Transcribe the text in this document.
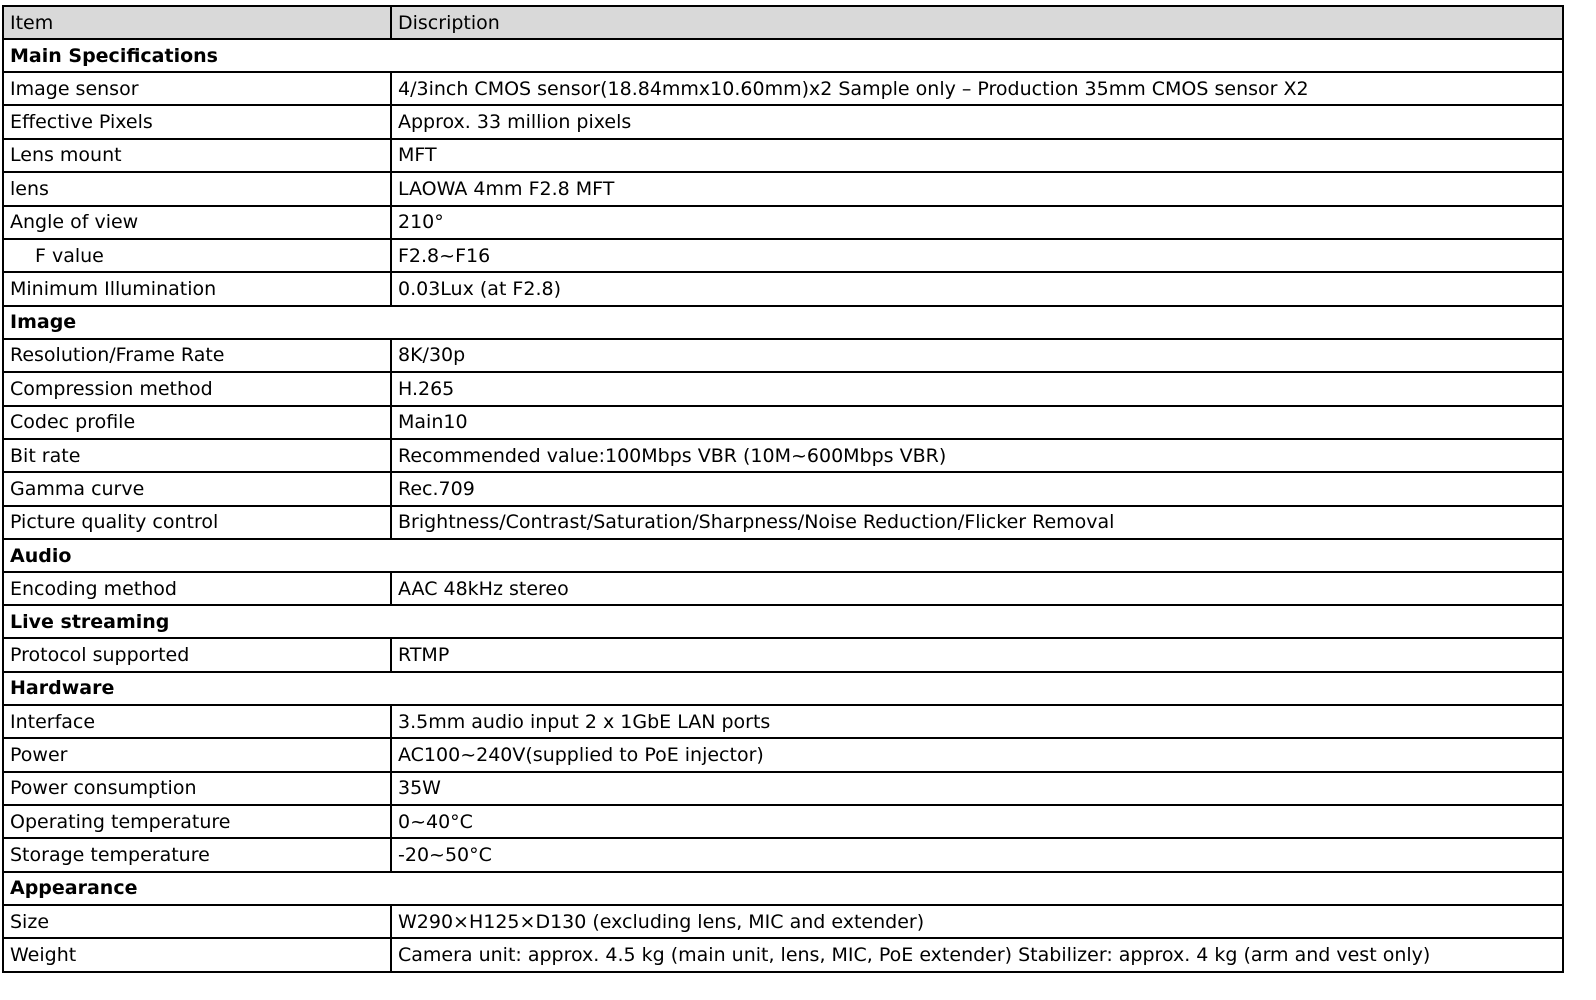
Item	Discription
Main Specifications	
Image sensor	4/3inch CMOS sensor(18.84mmx10.60mm)x2 Sample only – Production 35mm CMOS sensor X2
Effective Pixels	Approx. 33 million pixels
Lens mount	MFT
lens	LAOWA 4mm F2.8 MFT
Angle of view	210°
F value	F2.8~F16
Minimum Illumination	0.03Lux (at F2.8)
Image	
Resolution/Frame Rate	8K/30p
Compression method	H.265
Codec profile	Main10
Bit rate	Recommended value:100Mbps VBR (10M~600Mbps VBR)
Gamma curve	Rec.709
Picture quality control	Brightness/Contrast/Saturation/Sharpness/Noise Reduction/Flicker Removal
Audio	
Encoding method	AAC 48kHz stereo
Live streaming	
Protocol supported	RTMP
Hardware	
Interface	3.5mm audio input 2 x 1GbE LAN ports
Power	AC100~240V(supplied to PoE injector)
Power consumption	35W
Operating temperature	0~40°C
Storage temperature	-20~50°C
Appearance	
Size	W290×H125×D130 (excluding lens, MIC and extender)
Weight	Camera unit: approx. 4.5 kg (main unit, lens, MIC, PoE extender) Stabilizer: approx. 4 kg (arm and vest only)
